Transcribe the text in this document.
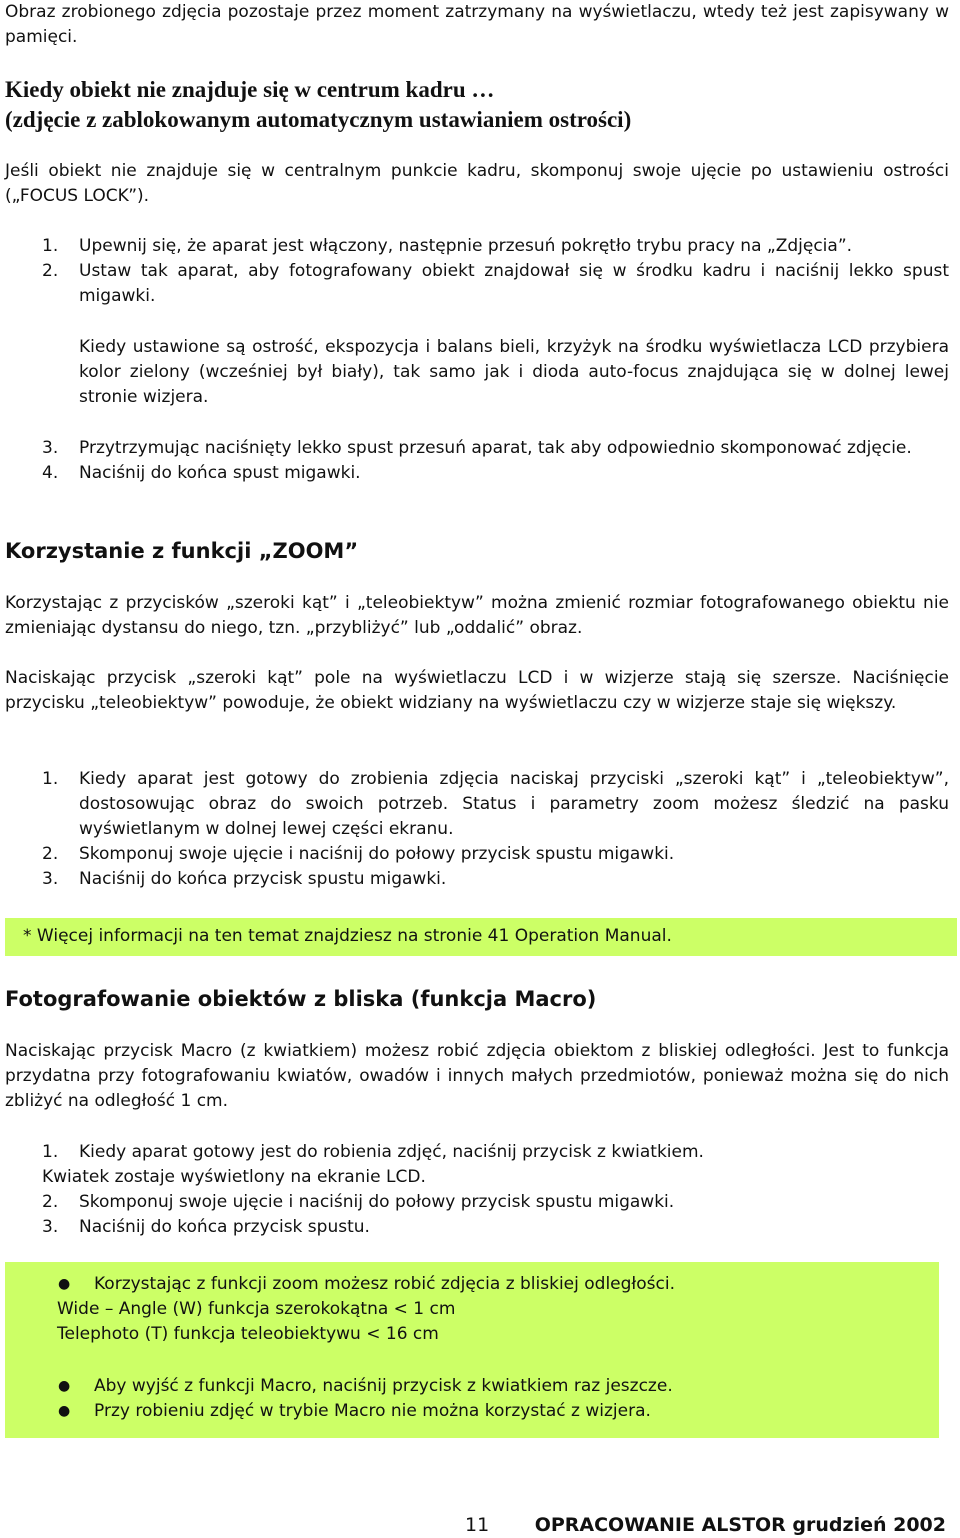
Obraz zrobionego zdjęcia pozostaje przez moment zatrzymany na wyświetlaczu, wtedy też jest zapisywany w pamięci.
Kiedy obiekt nie znajduje się w centrum kadru …
(zdjęcie z zablokowanym automatycznym ustawianiem ostrości)
Jeśli obiekt nie znajduje się w centralnym punkcie kadru, skomponuj swoje ujęcie po ustawieniu ostrości („FOCUS LOCK”).
1. Upewnij się, że aparat jest włączony, następnie przesuń pokrętło trybu pracy na „Zdjęcia”.
2. Ustaw tak aparat, aby fotografowany obiekt znajdował się w środku kadru i naciśnij lekko spust migawki.
Kiedy ustawione są ostrość, ekspozycja i balans bieli, krzyżyk na środku wyświetlacza LCD przybiera kolor zielony (wcześniej był biały), tak samo jak i dioda auto-focus znajdująca się w dolnej lewej stronie wizjera.
3. Przytrzymując naciśnięty lekko spust przesuń aparat, tak aby odpowiednio skomponować zdjęcie.
4. Naciśnij do końca spust migawki.
Korzystanie z funkcji „ZOOM”
Korzystając z przycisków „szeroki kąt” i „teleobiektyw” można zmienić rozmiar fotografowanego obiektu nie zmieniając dystansu do niego, tzn. „przybliżyć” lub „oddalić” obraz.
Naciskając przycisk „szeroki kąt” pole na wyświetlaczu LCD i w wizjerze stają się szersze. Naciśnięcie przycisku „teleobiektyw” powoduje, że obiekt widziany na wyświetlaczu czy w wizjerze staje się większy.
1. Kiedy aparat jest gotowy do zrobienia zdjęcia naciskaj przyciski „szeroki kąt” i „teleobiektyw”, dostosowując obraz do swoich potrzeb. Status i parametry zoom możesz śledzić na pasku wyświetlanym w dolnej lewej części ekranu.
2. Skomponuj swoje ujęcie i naciśnij do połowy przycisk spustu migawki.
3. Naciśnij do końca przycisk spustu migawki.
* Więcej informacji na ten temat znajdziesz na stronie 41 Operation Manual.
Fotografowanie obiektów z bliska (funkcja Macro)
Naciskając przycisk Macro (z kwiatkiem) możesz robić zdjęcia obiektom z bliskiej odległości. Jest to funkcja przydatna przy fotografowaniu kwiatów, owadów i innych małych przedmiotów, ponieważ można się do nich zbliżyć na odległość 1 cm.
1. Kiedy aparat gotowy jest do robienia zdjęć, naciśnij przycisk z kwiatkiem.
Kwiatek zostaje wyświetlony na ekranie LCD.
2. Skomponuj swoje ujęcie i naciśnij do połowy przycisk spustu migawki.
3. Naciśnij do końca przycisk spustu.
● Korzystając z funkcji zoom możesz robić zdjęcia z bliskiej odległości.
Wide – Angle (W) funkcja szerokokątna < 1 cm
Telephoto (T) funkcja teleobiektywu < 16 cm
● Aby wyjść z funkcji Macro, naciśnij przycisk z kwiatkiem raz jeszcze.
● Przy robieniu zdjęć w trybie Macro nie można korzystać z wizjera.
11 OPRACOWANIE ALSTOR grudzień 2002
